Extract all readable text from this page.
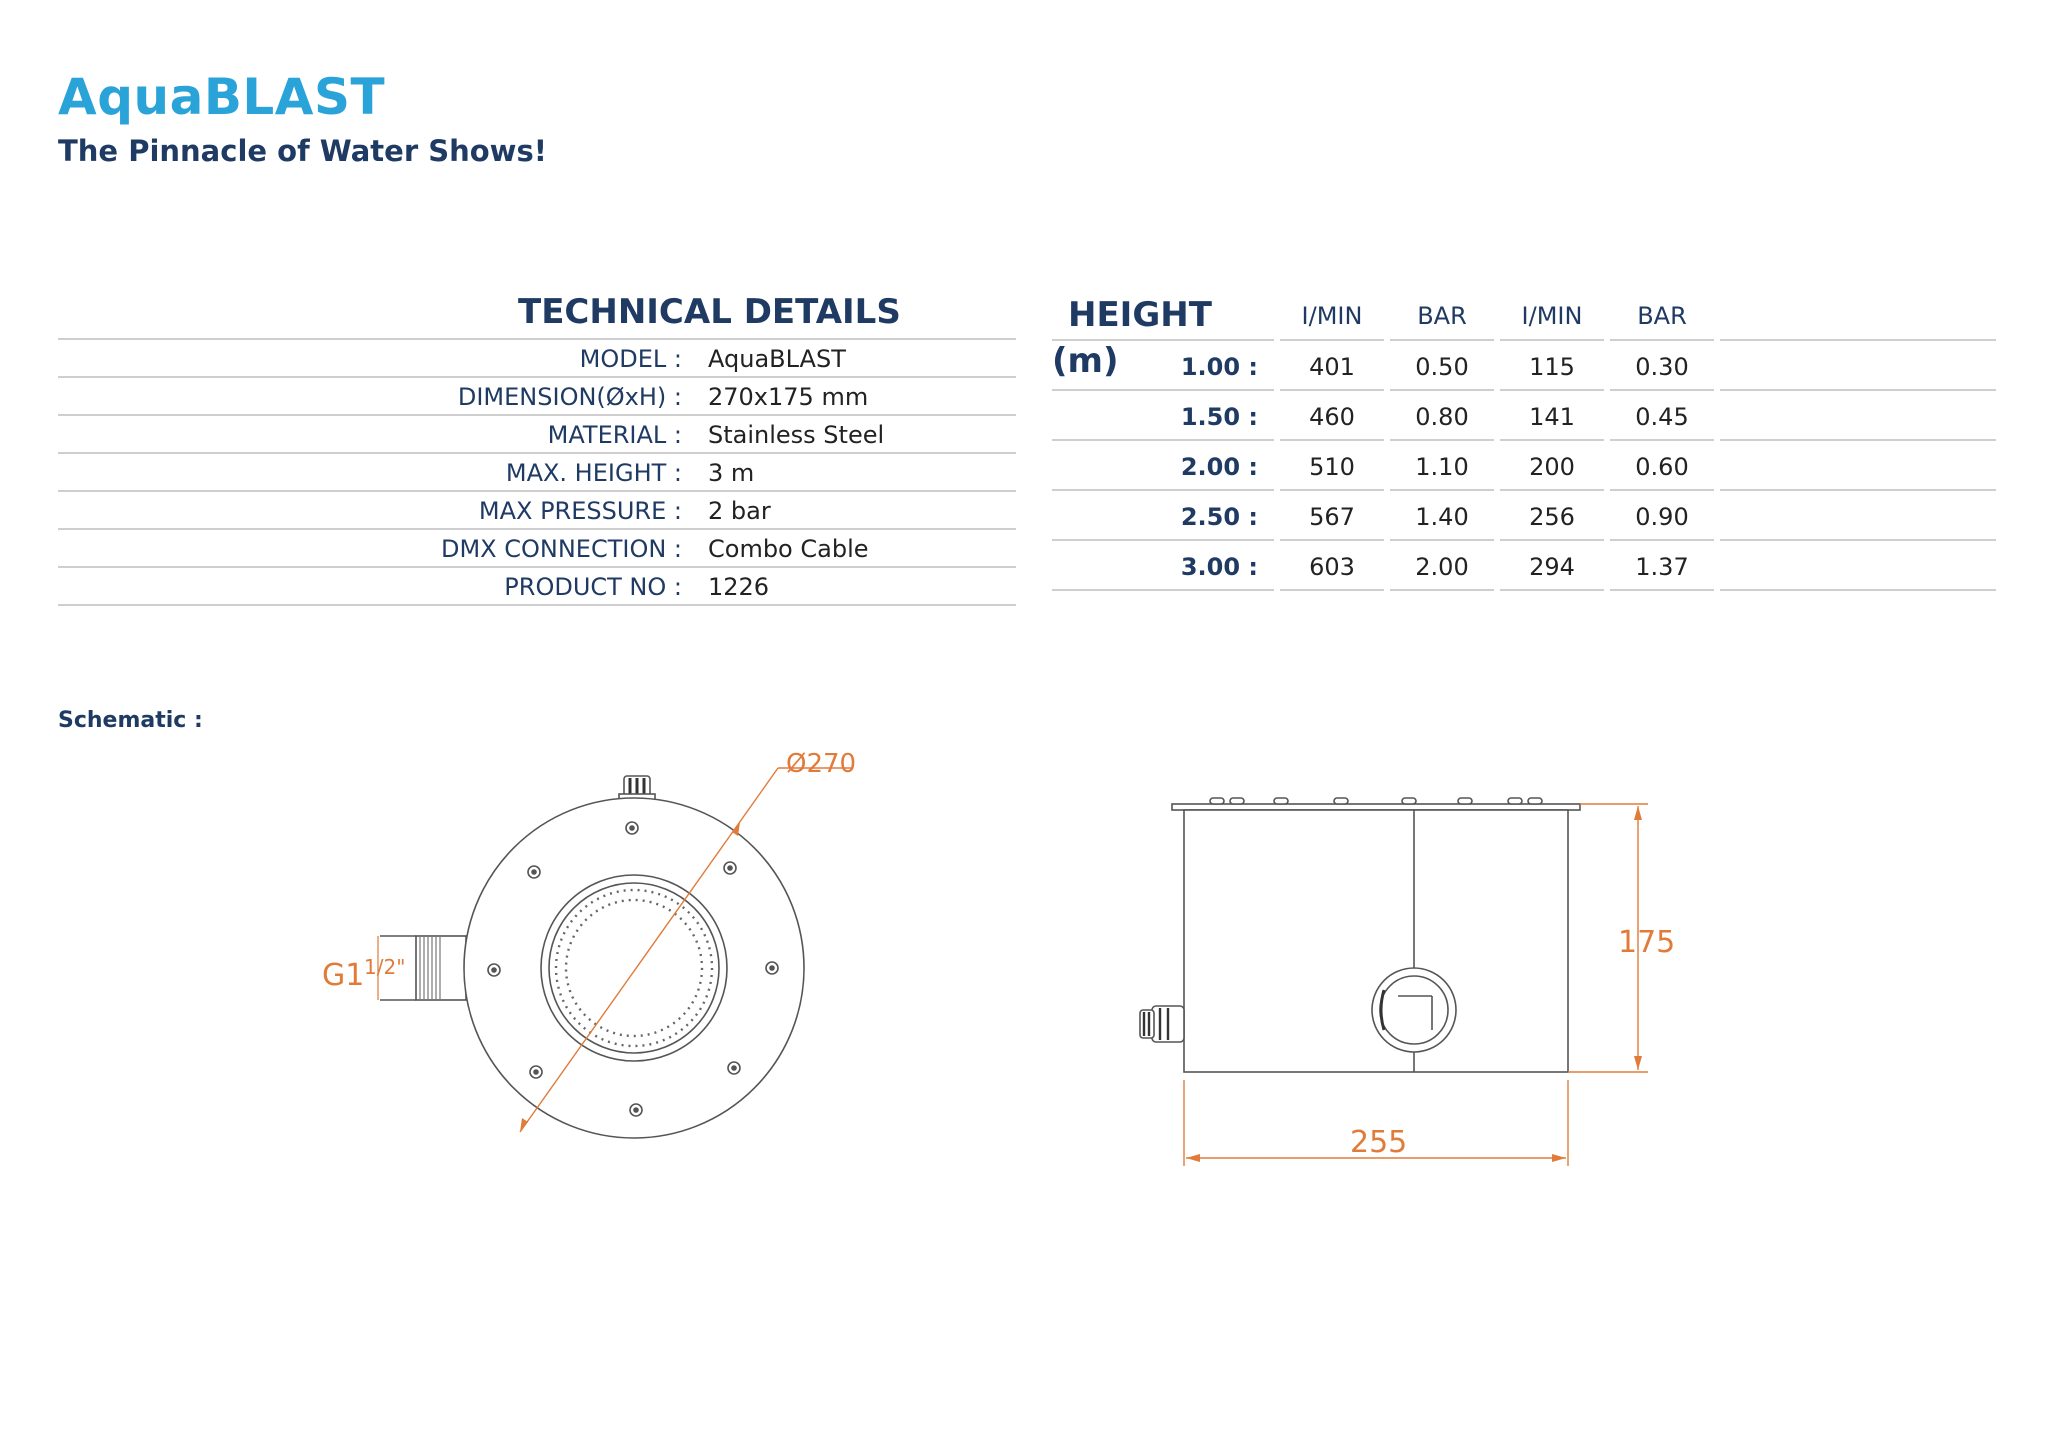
AquaBLAST
The Pinnacle of Water Shows!
TECHNICAL DETAILS
MODEL : AquaBLAST
DIMENSION(ØxH) : 270x175 mm
MATERIAL : Stainless Steel
MAX. HEIGHT : 3 m
MAX PRESSURE : 2 bar
DMX CONNECTION : Combo Cable
PRODUCT NO : 1226
HEIGHT (m)
I/MIN	BAR	I/MIN	BAR
1.00 :	401	0.50	115	0.30
1.50 :	460	0.80	141	0.45
2.00 :	510	1.10	200	0.60
2.50 :	567	1.40	256	0.90
3.00 :	603	2.00	294	1.37
Schematic :
Ø270
G1 1/2"
175
255
